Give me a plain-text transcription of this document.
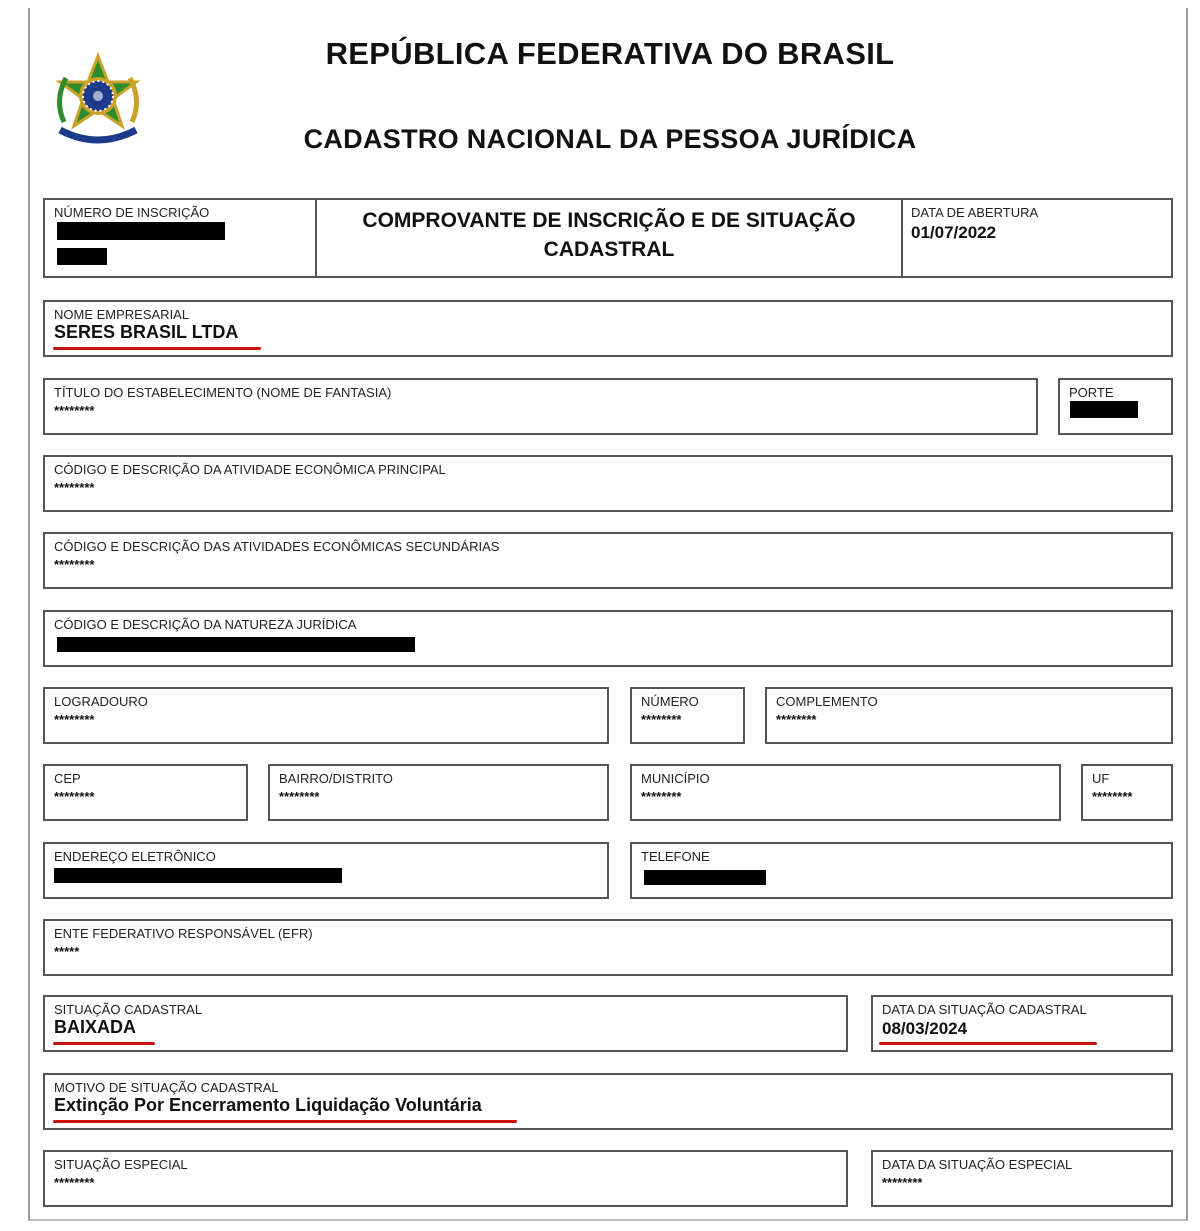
REPÚBLICA FEDERATIVA DO BRASIL
CADASTRO NACIONAL DA PESSOA JURÍDICA
NÚMERO DE INSCRIÇÃO	COMPROVANTE DE INSCRIÇÃO E DE SITUAÇÃO
CADASTRAL
DATA DE ABERTURA
01/07/2022
NOME EMPRESARIAL
SERES BRASIL LTDA
TÍTULO DO ESTABELECIMENTO (NOME DE FANTASIA)
********
PORTE
CÓDIGO E DESCRIÇÃO DA ATIVIDADE ECONÔMICA PRINCIPAL
********
CÓDIGO E DESCRIÇÃO DAS ATIVIDADES ECONÔMICAS SECUNDÁRIAS
********
CÓDIGO E DESCRIÇÃO DA NATUREZA JURÍDICA
LOGRADOURO
********
NÚMERO
********
COMPLEMENTO
********
CEP
********
BAIRRO/DISTRITO
********
MUNICÍPIO
********
UF
********
ENDEREÇO ELETRÔNICO	TELEFONE
ENTE FEDERATIVO RESPONSÁVEL (EFR)
*****
SITUAÇÃO CADASTRAL
BAIXADA
DATA DA SITUAÇÃO CADASTRAL
08/03/2024
MOTIVO DE SITUAÇÃO CADASTRAL
Extinção Por Encerramento Liquidação Voluntária
SITUAÇÃO ESPECIAL
********
DATA DA SITUAÇÃO ESPECIAL
********
